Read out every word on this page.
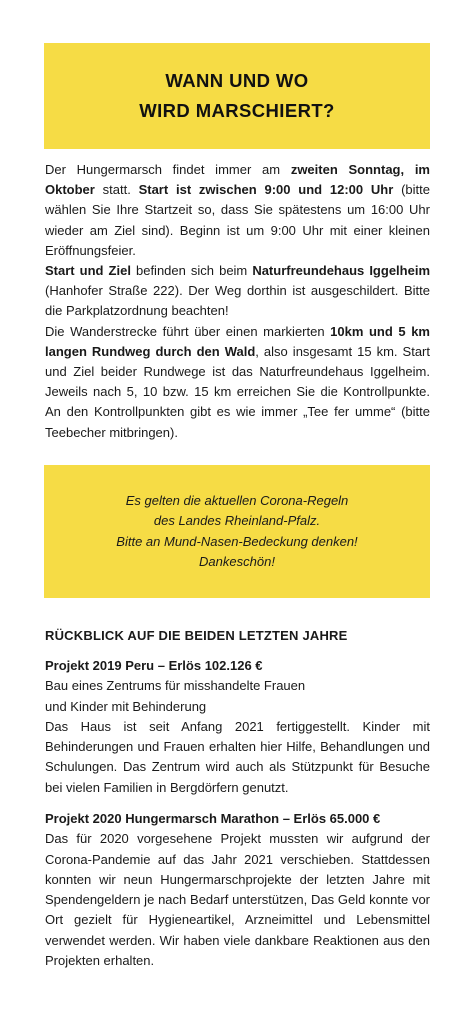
WANN UND WO
WIRD MARSCHIERT?

Der Hungermarsch findet immer am zweiten Sonntag, im Oktober statt. Start ist zwischen 9:00 und 12:00 Uhr (bitte wählen Sie Ihre Startzeit so, dass Sie spätestens um 16:00 Uhr wieder am Ziel sind). Beginn ist um 9:00 Uhr mit einer kleinen Eröffnungsfeier.

Start und Ziel befinden sich beim Naturfreundehaus Iggelheim (Hanhofer Straße 222). Der Weg dorthin ist ausgeschildert. Bitte die Parkplatzordnung beachten!

Die Wanderstrecke führt über einen markierten 10km und 5 km langen Rundweg durch den Wald, also insgesamt 15 km. Start und Ziel beider Rundwege ist das Naturfreundehaus Iggelheim. Jeweils nach 5, 10 bzw. 15 km erreichen Sie die Kontrollpunkte. An den Kontrollpunkten gibt es wie immer „Tee fer umme“ (bitte Teebecher mitbringen).

Es gelten die aktuellen Corona-Regeln
des Landes Rheinland-Pfalz.
Bitte an Mund-Nasen-Bedeckung denken!
Dankeschön!
RÜCKBLICK AUF DIE BEIDEN LETZTEN JAHRE

Projekt 2019 Peru – Erlös 102.126 €

Bau eines Zentrums für misshandelte Frauen

und Kinder mit Behinderung

Das Haus ist seit Anfang 2021 fertiggestellt. Kinder mit Behinderungen und Frauen erhalten hier Hilfe, Behandlungen und Schulungen. Das Zentrum wird auch als Stützpunkt für Besuche bei vielen Familien in Bergdörfern genutzt.

Projekt 2020 Hungermarsch Marathon – Erlös 65.000 €

Das für 2020 vorgesehene Projekt mussten wir aufgrund der Corona-Pandemie auf das Jahr 2021 verschieben. Stattdessen konnten wir neun Hungermarschprojekte der letzten Jahre mit Spendengeldern je nach Bedarf unterstützen, Das Geld konnte vor Ort gezielt für Hygieneartikel, Arzneimittel und Lebensmittel verwendet werden. Wir haben viele dankbare Reaktionen aus den Projekten erhalten.
